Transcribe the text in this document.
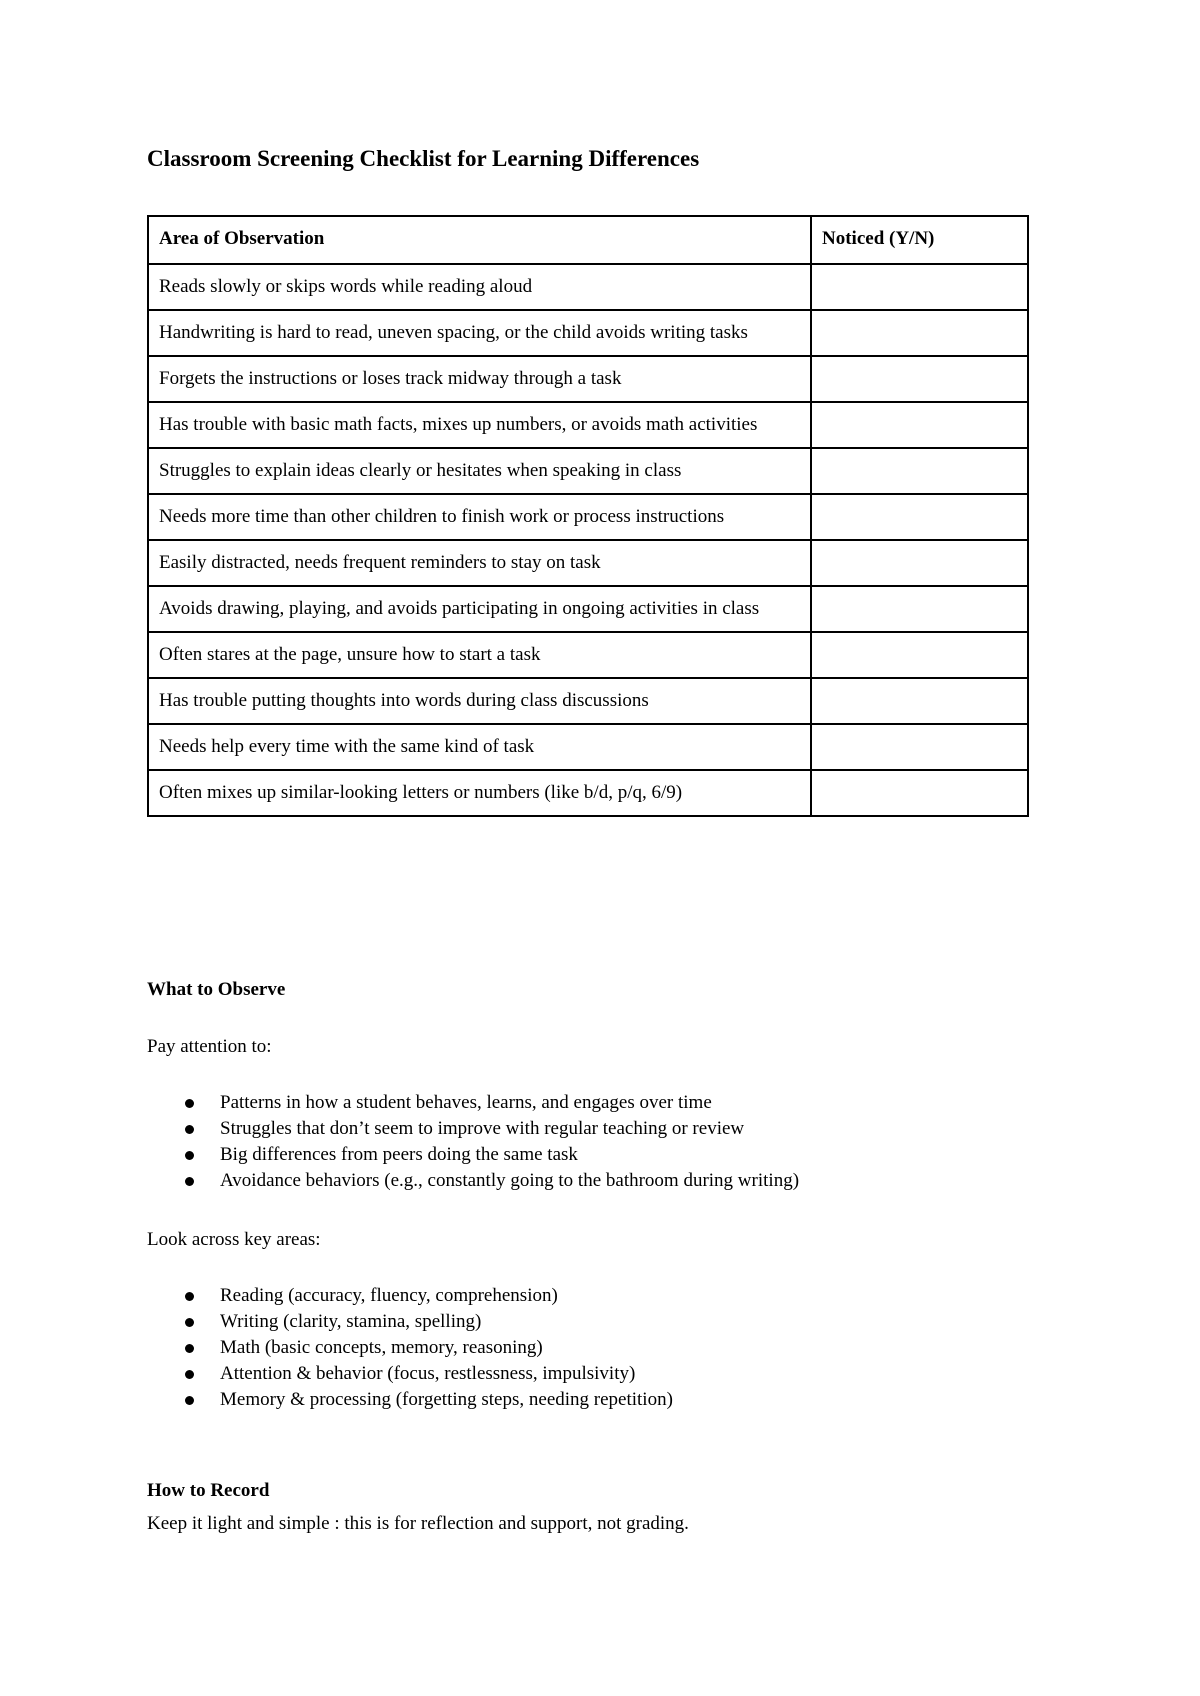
Classroom Screening Checklist for Learning Differences
Area of Observation	Noticed (Y/N)
Reads slowly or skips words while reading aloud	
Handwriting is hard to read, uneven spacing, or the child avoids writing tasks	
Forgets the instructions or loses track midway through a task	
Has trouble with basic math facts, mixes up numbers, or avoids math activities	
Struggles to explain ideas clearly or hesitates when speaking in class	
Needs more time than other children to finish work or process instructions	
Easily distracted, needs frequent reminders to stay on task	
Avoids drawing, playing, and avoids participating in ongoing activities in class	
Often stares at the page, unsure how to start a task	
Has trouble putting thoughts into words during class discussions	
Needs help every time with the same kind of task	
Often mixes up similar-looking letters or numbers (like b/d, p/q, 6/9)	
What to Observe

Pay attention to:

Patterns in how a student behaves, learns, and engages over time
Struggles that don’t seem to improve with regular teaching or review
Big differences from peers doing the same task
Avoidance behaviors (e.g., constantly going to the bathroom during writing)

Look across key areas:

Reading (accuracy, fluency, comprehension)
Writing (clarity, stamina, spelling)
Math (basic concepts, memory, reasoning)
Attention & behavior (focus, restlessness, impulsivity)
Memory & processing (forgetting steps, needing repetition)
How to Record

Keep it light and simple : this is for reflection and support, not grading.
